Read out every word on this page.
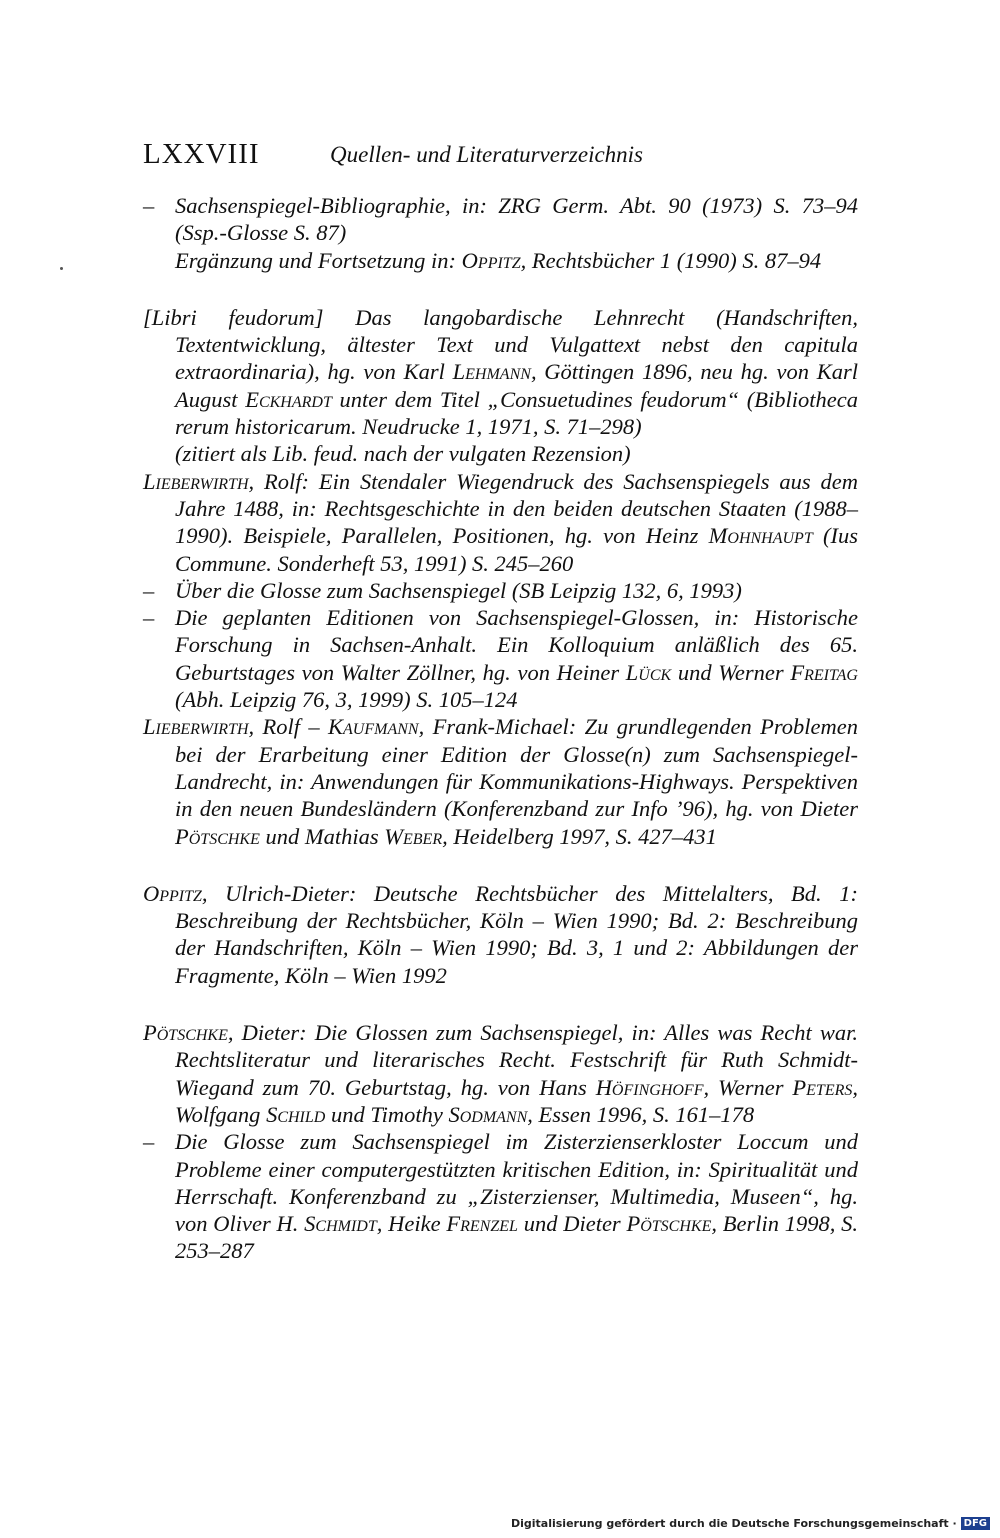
LXXVIII	Quellen- und Literaturverzeichnis
– Sachsenspiegel-Bibliographie, in: ZRG Germ. Abt. 90 (1973) S. 73–94 (Ssp.-Glosse S. 87)
Ergänzung und Fortsetzung in: Oppitz, Rechtsbücher 1 (1990) S. 87–94
[Libri feudorum] Das langobardische Lehnrecht (Handschriften, Textentwicklung, ältester Text und Vulgattext nebst den capitula extraordinaria), hg. von Karl Lehmann, Göttingen 1896, neu hg. von Karl August Eckhardt unter dem Titel „Consuetudines feudorum“ (Bibliotheca rerum historicarum. Neudrucke 1, 1971, S. 71–298)
(zitiert als Lib. feud. nach der vulgaten Rezension)
Lieberwirth, Rolf: Ein Stendaler Wiegendruck des Sachsenspiegels aus dem Jahre 1488, in: Rechtsgeschichte in den beiden deutschen Staaten (1988–1990). Beispiele, Parallelen, Positionen, hg. von Heinz Mohnhaupt (Ius Commune. Sonderheft 53, 1991) S. 245–260
– Über die Glosse zum Sachsenspiegel (SB Leipzig 132, 6, 1993)
– Die geplanten Editionen von Sachsenspiegel-Glossen, in: Historische Forschung in Sachsen-Anhalt. Ein Kolloquium anläßlich des 65. Geburtstages von Walter Zöllner, hg. von Heiner Lück und Werner Freitag (Abh. Leipzig 76, 3, 1999) S. 105–124
Lieberwirth, Rolf – Kaufmann, Frank-Michael: Zu grundlegenden Problemen bei der Erarbeitung einer Edition der Glosse(n) zum Sachsenspiegel-Landrecht, in: Anwendungen für Kommunikations-Highways. Perspektiven in den neuen Bundesländern (Konferenzband zur Info ’96), hg. von Dieter Pötschke und Mathias Weber, Heidelberg 1997, S. 427–431
Oppitz, Ulrich-Dieter: Deutsche Rechtsbücher des Mittelalters, Bd. 1: Beschreibung der Rechtsbücher, Köln – Wien 1990; Bd. 2: Beschreibung der Handschriften, Köln – Wien 1990; Bd. 3, 1 und 2: Abbildungen der Fragmente, Köln – Wien 1992
Pötschke, Dieter: Die Glossen zum Sachsenspiegel, in: Alles was Recht war. Rechtsliteratur und literarisches Recht. Festschrift für Ruth Schmidt-Wiegand zum 70. Geburtstag, hg. von Hans Höfinghoff, Werner Peters, Wolfgang Schild und Timothy Sodmann, Essen 1996, S. 161–178
– Die Glosse zum Sachsenspiegel im Zisterzienserkloster Loccum und Probleme einer computergestützten kritischen Edition, in: Spiritualität und Herrschaft. Konferenzband zu „Zisterzienser, Multimedia, Museen“, hg. von Oliver H. Schmidt, Heike Frenzel und Dieter Pötschke, Berlin 1998, S. 253–287
Digitalisierung gefördert durch die Deutsche Forschungsgemeinschaft · DFG
